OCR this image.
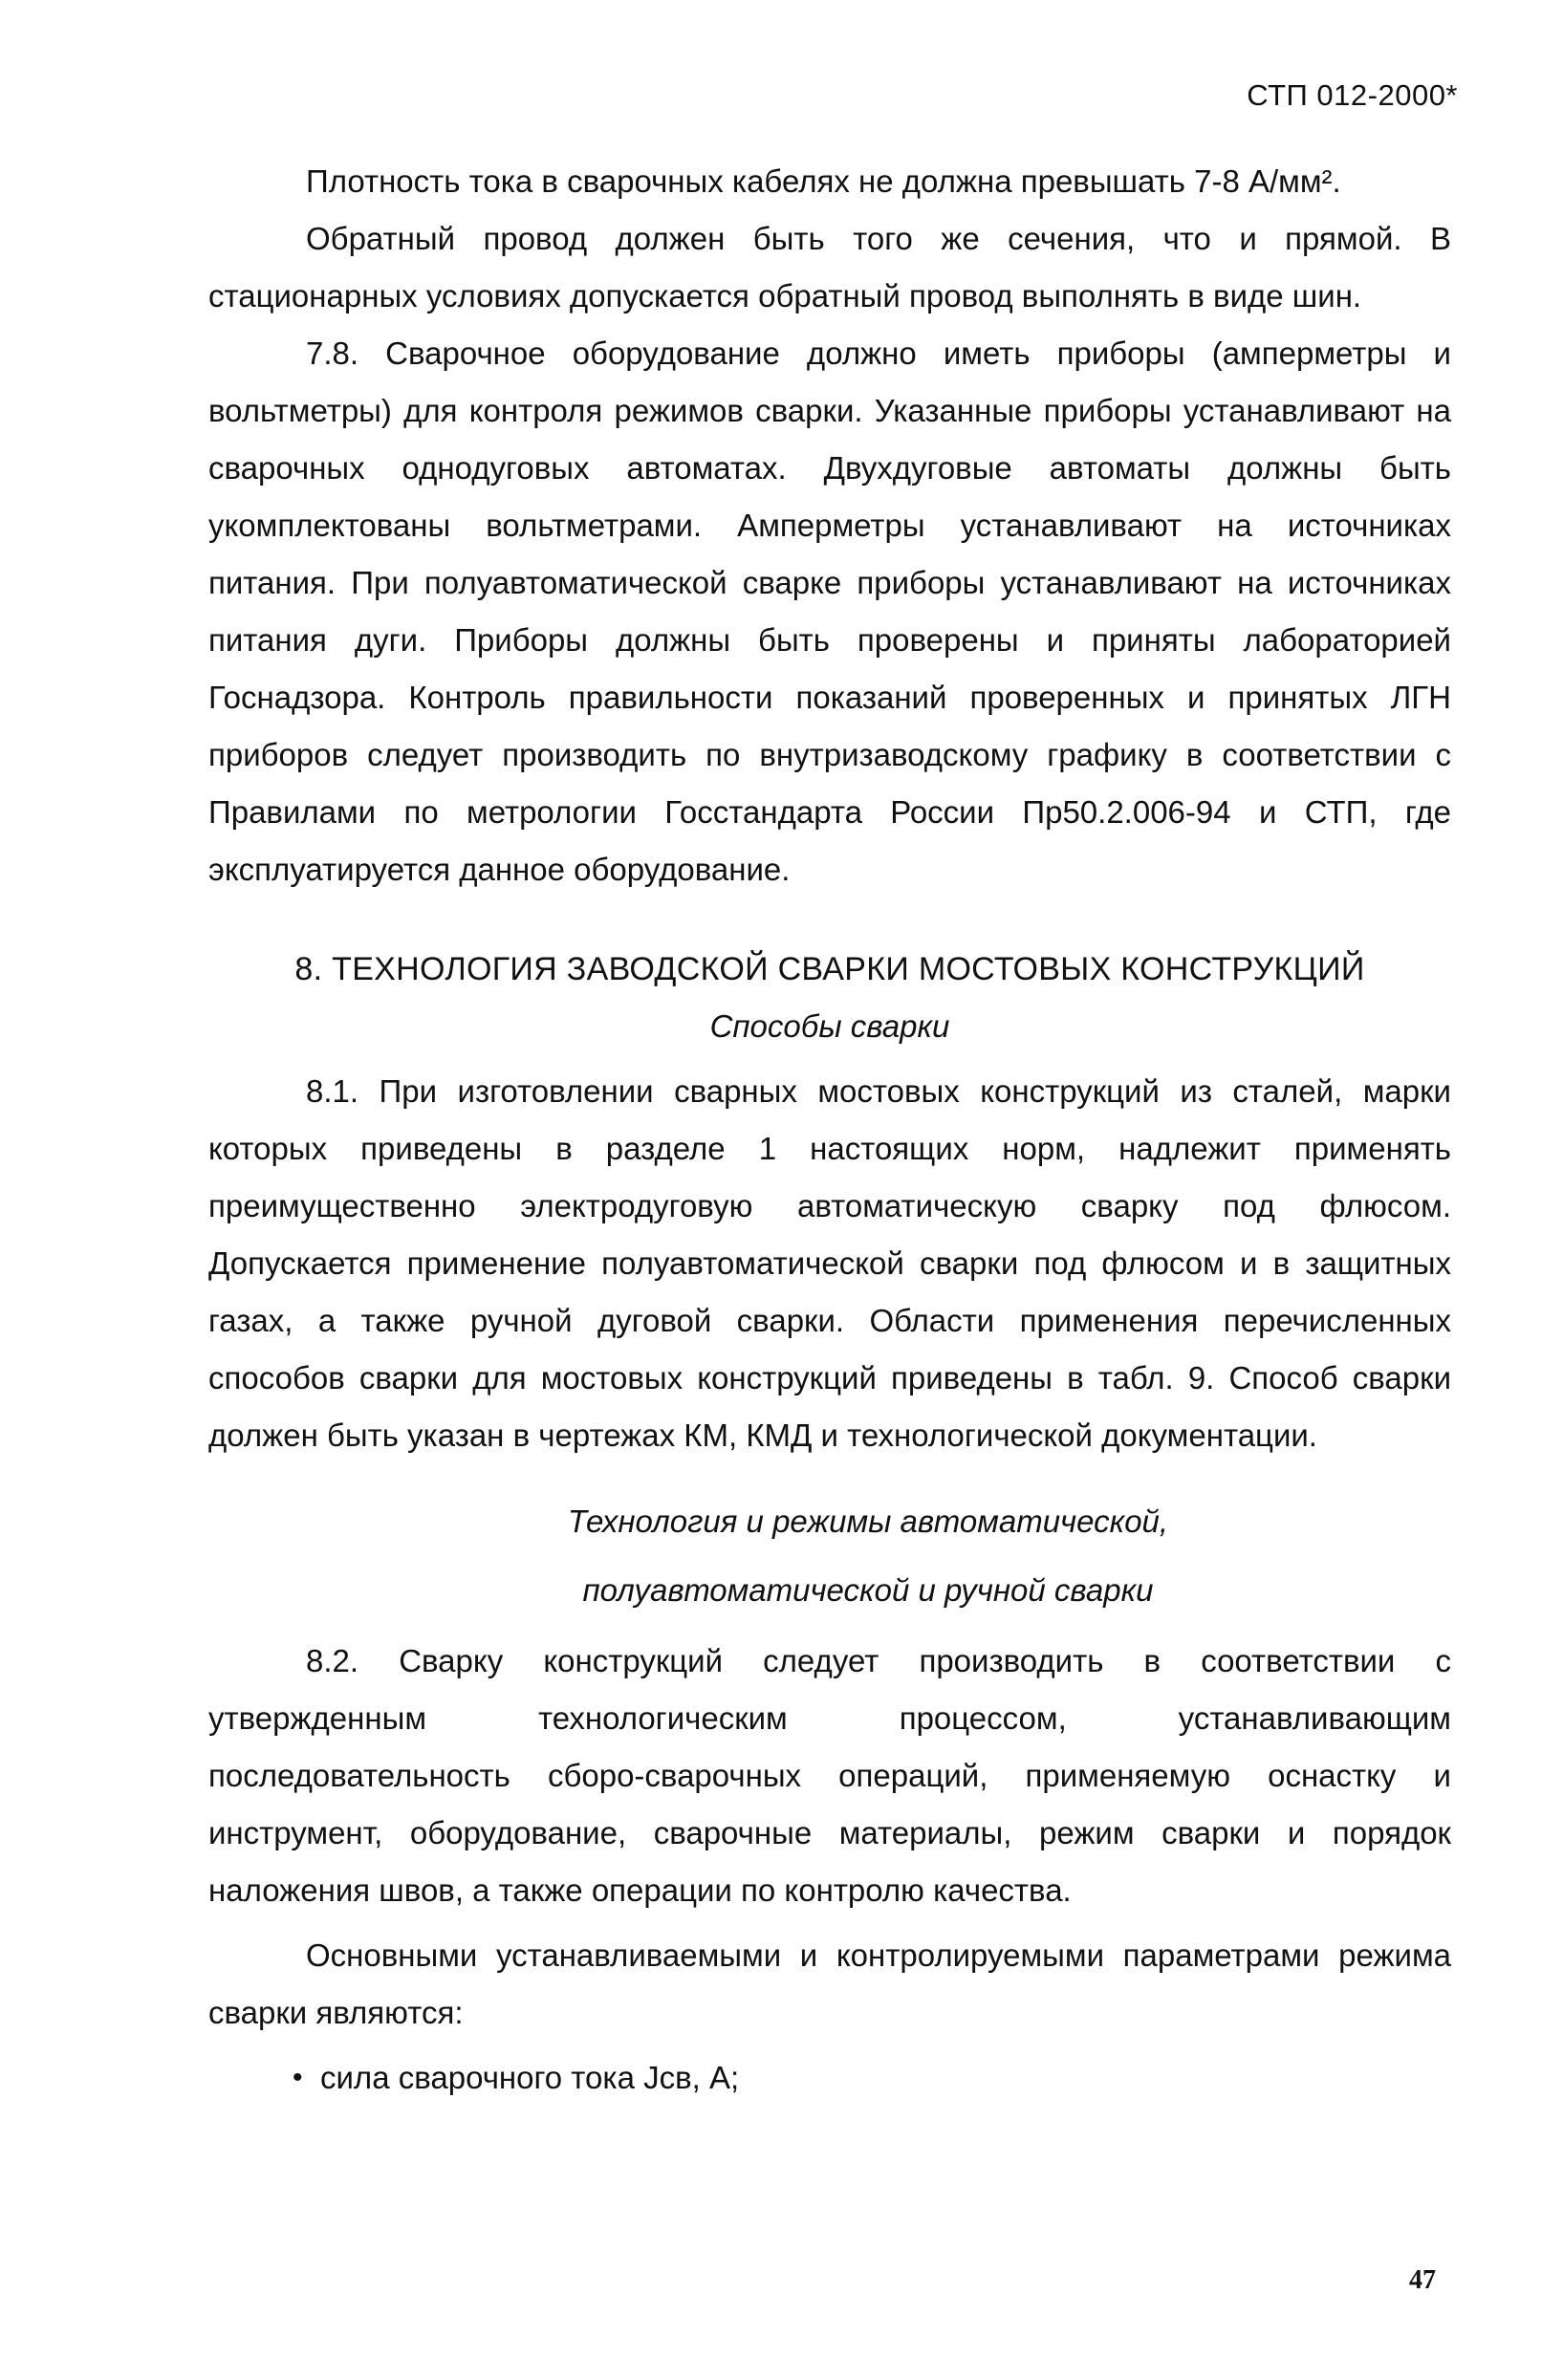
СТП 012-2000*

Плотность тока в сварочных кабелях не должна превышать 7-8 А/мм².

Обратный провод должен быть того же сечения, что и прямой. В стационарных условиях допускается обратный провод выполнять в виде шин.

7.8. Сварочное оборудование должно иметь приборы (амперметры и вольтметры) для контроля режимов сварки. Указанные приборы устанавливают на сварочных однодуговых автоматах. Двухдуговые автоматы должны быть укомплектованы вольтметрами. Амперметры устанавливают на источниках питания. При полуавтоматической сварке приборы устанавливают на источниках питания дуги. Приборы должны быть проверены и приняты лабораторией Госнадзора. Контроль правильности показаний проверенных и принятых ЛГН приборов следует производить по внутризаводскому графику в соответствии с Правилами по метрологии Госстандарта России Пр50.2.006-94 и СТП, где эксплуатируется данное оборудование.

8. ТЕХНОЛОГИЯ ЗАВОДСКОЙ СВАРКИ МОСТОВЫХ КОНСТРУКЦИЙ

Способы сварки

8.1. При изготовлении сварных мостовых конструкций из сталей, марки которых приведены в разделе 1 настоящих норм, надлежит применять преимущественно электродуговую автоматическую сварку под флюсом. Допускается применение полуавтоматической сварки под флюсом и в защитных газах, а также ручной дуговой сварки. Области применения перечисленных способов сварки для мостовых конструкций приведены в табл. 9. Способ сварки должен быть указан в чертежах КМ, КМД и технологической документации.

Технология и режимы автоматической,

полуавтоматической и ручной сварки

8.2. Сварку конструкций следует производить в соответствии с утвержденным технологическим процессом, устанавливающим последовательность сборо-сварочных операций, применяемую оснастку и инструмент, оборудование, сварочные материалы, режим сварки и порядок наложения швов, а также операции по контролю качества.

Основными устанавливаемыми и контролируемыми параметрами режима сварки являются:

• сила сварочного тока Jсв, А;
47
